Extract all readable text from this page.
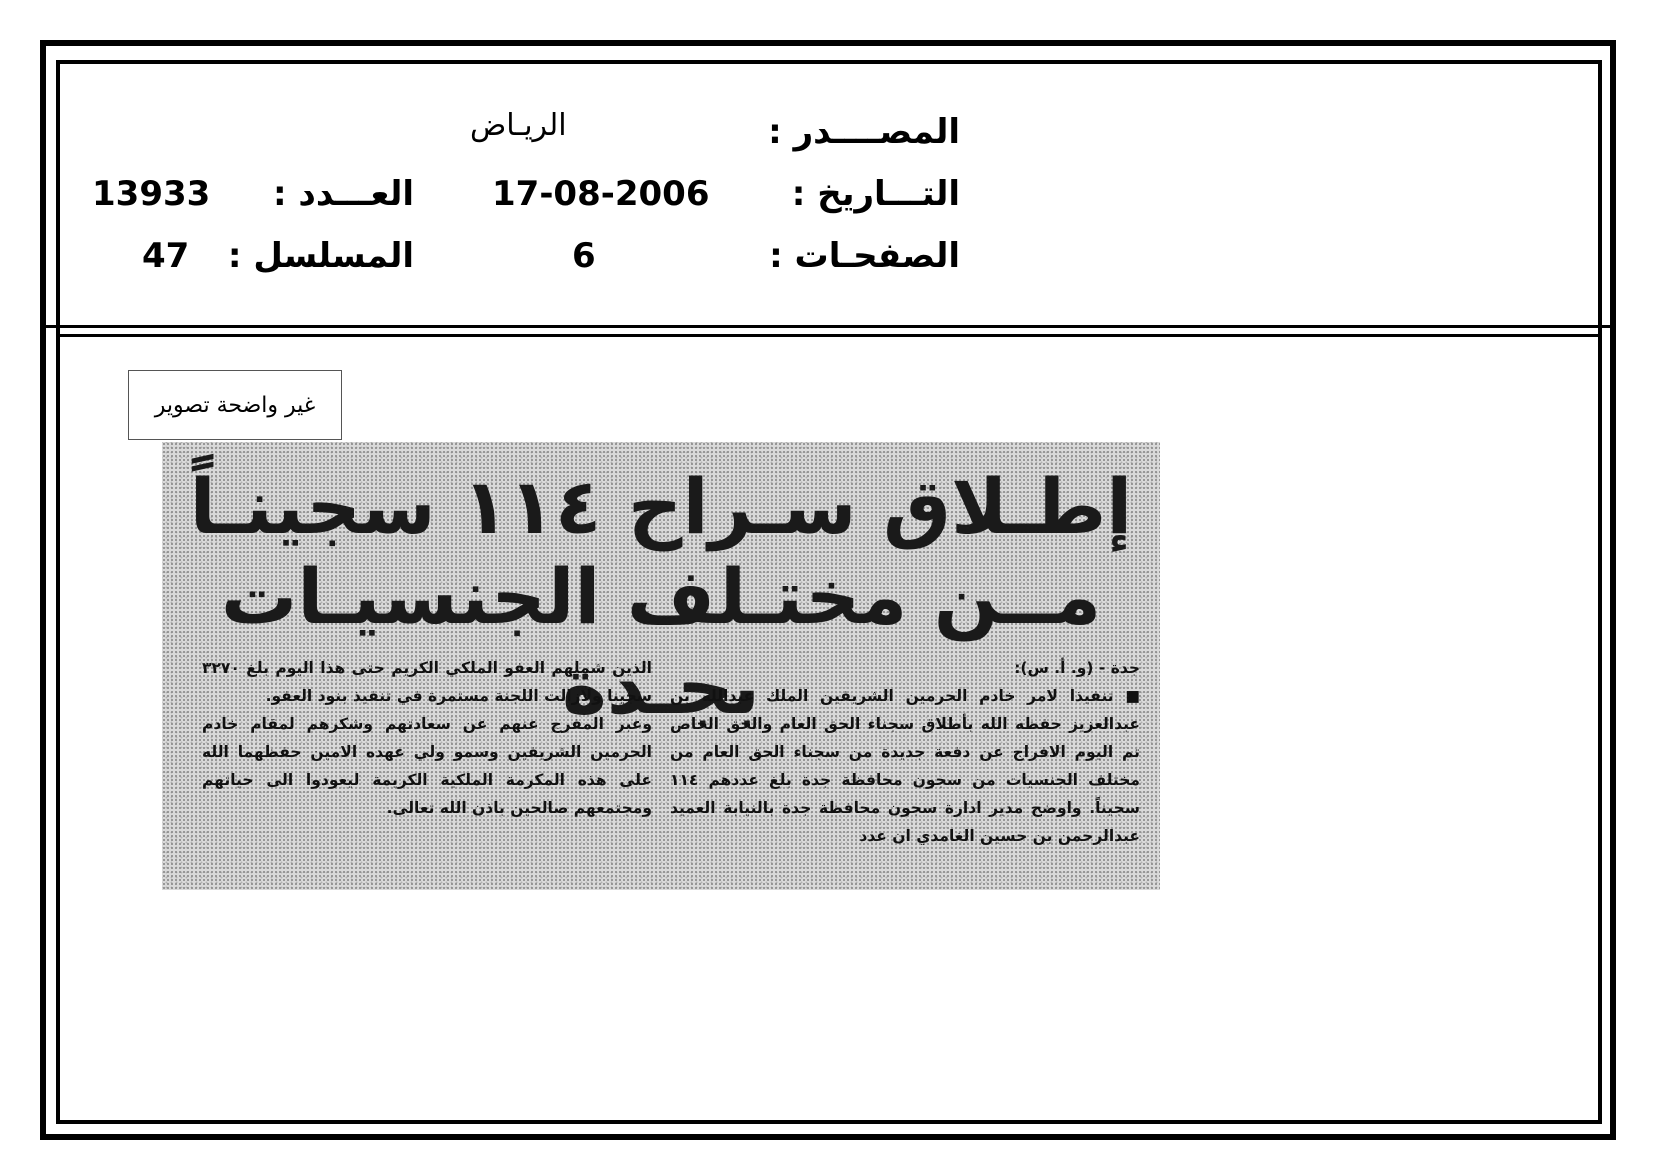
المصــــدر :
الريـاض
التـــاريخ :
17-08-2006
العـــدد :
13933
الصفحـات :
6
المسلسل :
47
غير واضحة تصوير
إطـلاق سـراح ١١٤ سجينـاً
مــن مختـلف الجنسيـات بجـدة	جدة - (و. أ. س):

■ تنفيذا لامر خادم الحرمين الشريفين الملك عبدالله بن عبدالعزيز حفظه الله بأطلاق سجناء الحق العام والحق الخاص تم اليوم الافراج عن دفعة جديدة من سجناء الحق العام من مختلف الجنسيات من سجون محافظة جدة بلغ عددهم ١١٤ سجيناً. واوضح مدير ادارة سجون محافظة جدة بالنيابة العميد عبدالرحمن بن حسين الغامدي ان عدد

الذين شملهم العفو الملكي الكريم حتى هذا اليوم بلغ ٣٢٧٠ سجينا ولازالت اللجنة مستمرة في تنفيذ بنود العفو.

وعبر المفرج عنهم عن سعادتهم وشكرهم لمقام خادم الحرمين الشريفين وسمو ولي عهده الامين حفظهما الله على هذه المكرمة الملكية الكريمة ليعودوا الى حياتهم ومجتمعهم صالحين باذن الله تعالى.
